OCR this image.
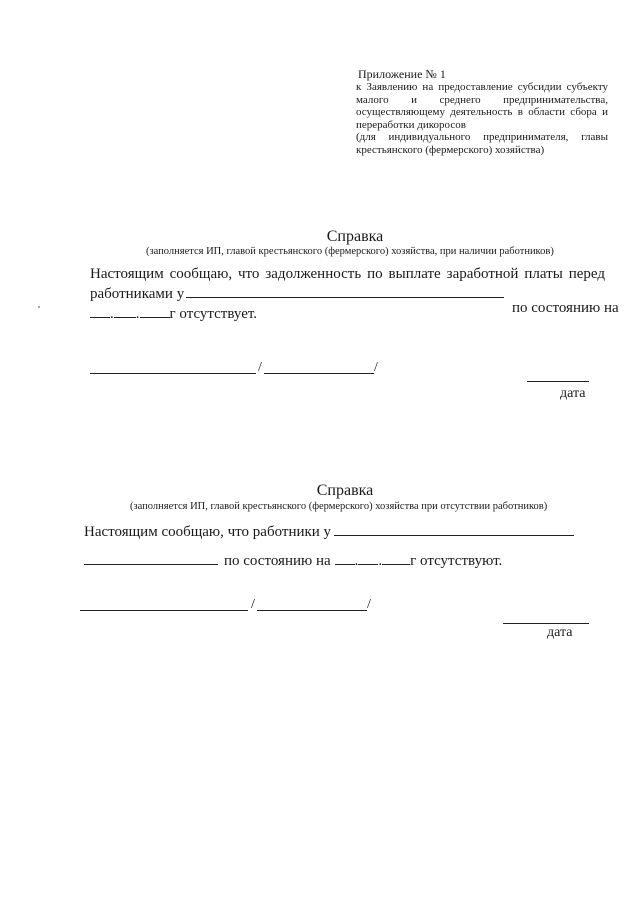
Приложение № 1
к Заявлению на предоставление субсидии субъекту малого и среднего предпринимательства, осуществляющему деятельность в области сбора и переработки дикоросов
(для индивидуального предпринимателя, главы крестьянского (фермерского) хозяйства)
Справка
(заполняется ИП, главой крестьянского (фермерского) хозяйства, при наличии работников)
Настоящим сообщаю, что задолженность по выплате заработной платы перед
работниками у
по состоянию на
. . г отсутствует.
/	/
дата
Справка
(заполняется ИП, главой крестьянского (фермерского) хозяйства при отсутствии работников)
Настоящим сообщаю, что работники у
по состоянию на . . г отсутствуют.
/	/
дата
